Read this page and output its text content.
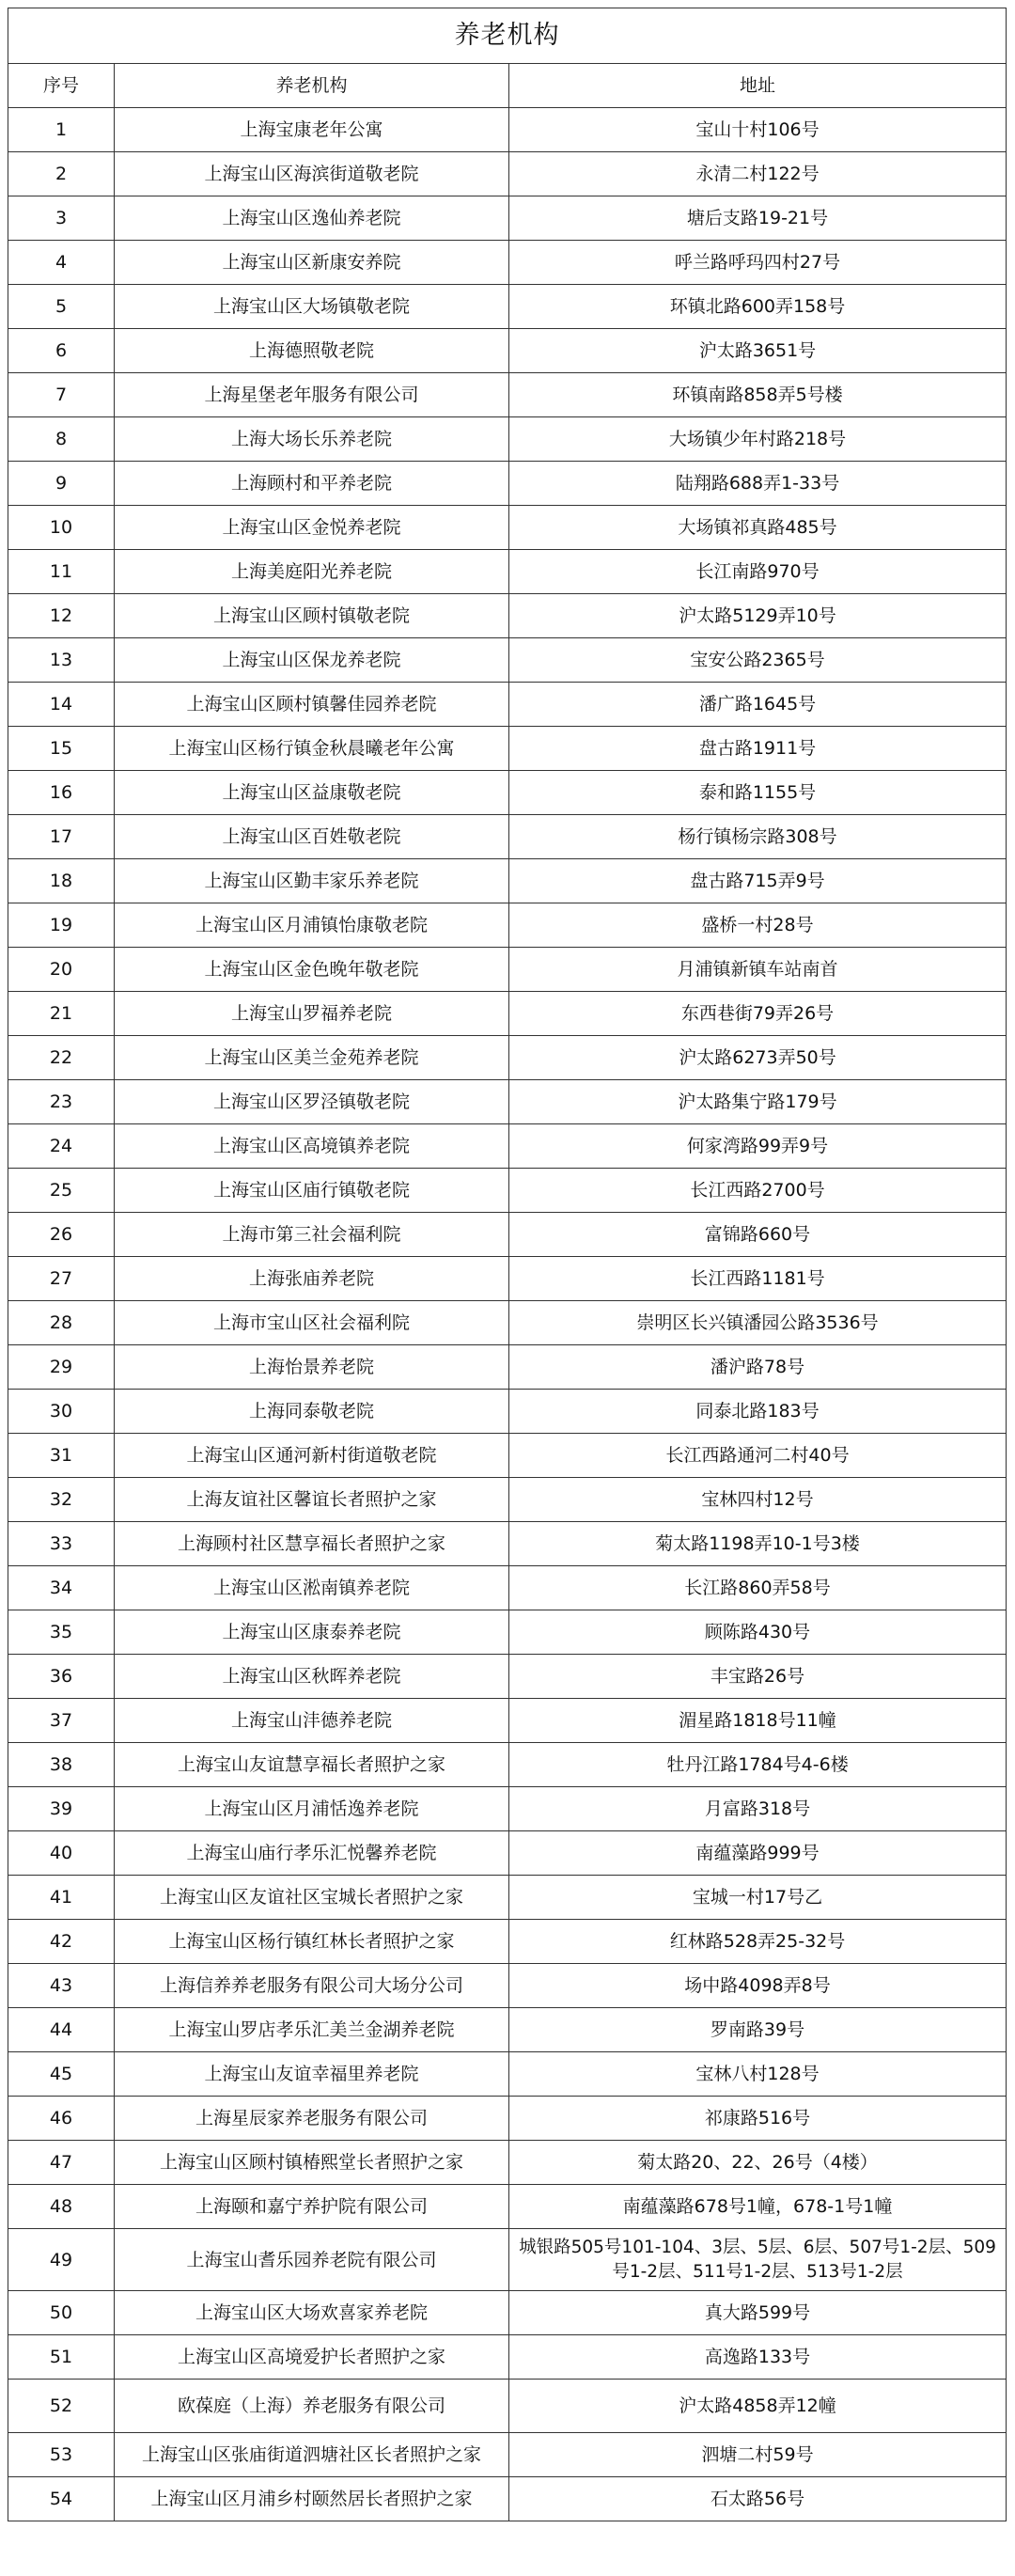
养老机构		
序号	养老机构	地址
1	上海宝康老年公寓	宝山十村106号
2	上海宝山区海滨街道敬老院	永清二村122号
3	上海宝山区逸仙养老院	塘后支路19-21号
4	上海宝山区新康安养院	呼兰路呼玛四村27号
5	上海宝山区大场镇敬老院	环镇北路600弄158号
6	上海德照敬老院	沪太路3651号
7	上海星堡老年服务有限公司	环镇南路858弄5号楼
8	上海大场长乐养老院	大场镇少年村路218号
9	上海顾村和平养老院	陆翔路688弄1-33号
10	上海宝山区金悦养老院	大场镇祁真路485号
11	上海美庭阳光养老院	长江南路970号
12	上海宝山区顾村镇敬老院	沪太路5129弄10号
13	上海宝山区保龙养老院	宝安公路2365号
14	上海宝山区顾村镇馨佳园养老院	潘广路1645号
15	上海宝山区杨行镇金秋晨曦老年公寓	盘古路1911号
16	上海宝山区益康敬老院	泰和路1155号
17	上海宝山区百姓敬老院	杨行镇杨宗路308号
18	上海宝山区勤丰家乐养老院	盘古路715弄9号
19	上海宝山区月浦镇怡康敬老院	盛桥一村28号
20	上海宝山区金色晚年敬老院	月浦镇新镇车站南首
21	上海宝山罗福养老院	东西巷街79弄26号
22	上海宝山区美兰金苑养老院	沪太路6273弄50号
23	上海宝山区罗泾镇敬老院	沪太路集宁路179号
24	上海宝山区高境镇养老院	何家湾路99弄9号
25	上海宝山区庙行镇敬老院	长江西路2700号
26	上海市第三社会福利院	富锦路660号
27	上海张庙养老院	长江西路1181号
28	上海市宝山区社会福利院	崇明区长兴镇潘园公路3536号
29	上海怡景养老院	潘沪路78号
30	上海同泰敬老院	同泰北路183号
31	上海宝山区通河新村街道敬老院	长江西路通河二村40号
32	上海友谊社区馨谊长者照护之家	宝林四村12号
33	上海顾村社区慧享福长者照护之家	菊太路1198弄10-1号3楼
34	上海宝山区淞南镇养老院	长江路860弄58号
35	上海宝山区康泰养老院	顾陈路430号
36	上海宝山区秋晖养老院	丰宝路26号
37	上海宝山沣德养老院	湄星路1818号11幢
38	上海宝山友谊慧享福长者照护之家	牡丹江路1784号4-6楼
39	上海宝山区月浦恬逸养老院	月富路318号
40	上海宝山庙行孝乐汇悦馨养老院	南蕴藻路999号
41	上海宝山区友谊社区宝城长者照护之家	宝城一村17号乙
42	上海宝山区杨行镇红林长者照护之家	红林路528弄25-32号
43	上海信养养老服务有限公司大场分公司	场中路4098弄8号
44	上海宝山罗店孝乐汇美兰金湖养老院	罗南路39号
45	上海宝山友谊幸福里养老院	宝林八村128号
46	上海星辰家养老服务有限公司	祁康路516号
47	上海宝山区顾村镇椿熙堂长者照护之家	菊太路20、22、26号（4楼）
48	上海颐和嘉宁养护院有限公司	南蕴藻路678号1幢，678-1号1幢
49	上海宝山耆乐园养老院有限公司	城银路505号101-104、3层、5层、6层、507号1-2层、509号1-2层、511号1-2层、513号1-2层
50	上海宝山区大场欢喜家养老院	真大路599号
51	上海宝山区高境爱护长者照护之家	高逸路133号
52	欧葆庭（上海）养老服务有限公司	沪太路4858弄12幢
53	上海宝山区张庙街道泗塘社区长者照护之家	泗塘二村59号
54	上海宝山区月浦乡村颐然居长者照护之家	石太路56号
